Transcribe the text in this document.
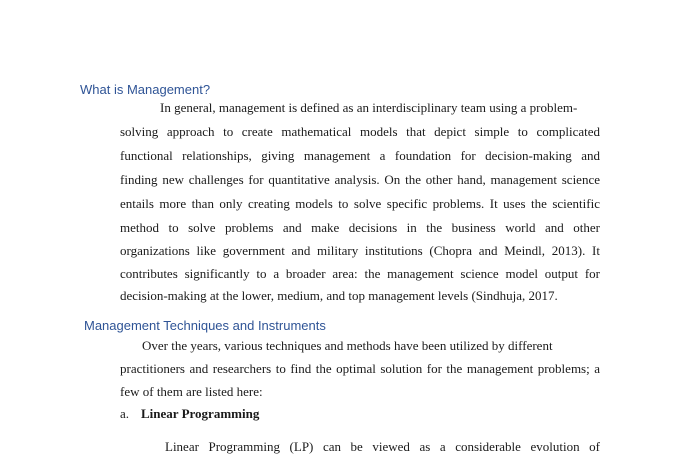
What is Management?

In general, management is defined as an interdisciplinary team using a problem-

solving approach to create mathematical models that depict simple to complicated

functional relationships, giving management a foundation for decision-making and

finding new challenges for quantitative analysis. On the other hand, management science

entails more than only creating models to solve specific problems. It uses the scientific

method to solve problems and make decisions in the business world and other

organizations like government and military institutions (Chopra and Meindl, 2013). It

contributes significantly to a broader area: the management science model output for

decision-making at the lower, medium, and top management levels (Sindhuja, 2017.

Management Techniques and Instruments

Over the years, various techniques and methods have been utilized by different

practitioners and researchers to find the optimal solution for the management problems; a

few of them are listed here:

a. Linear Programming

Linear Programming (LP) can be viewed as a considerable evolution of
